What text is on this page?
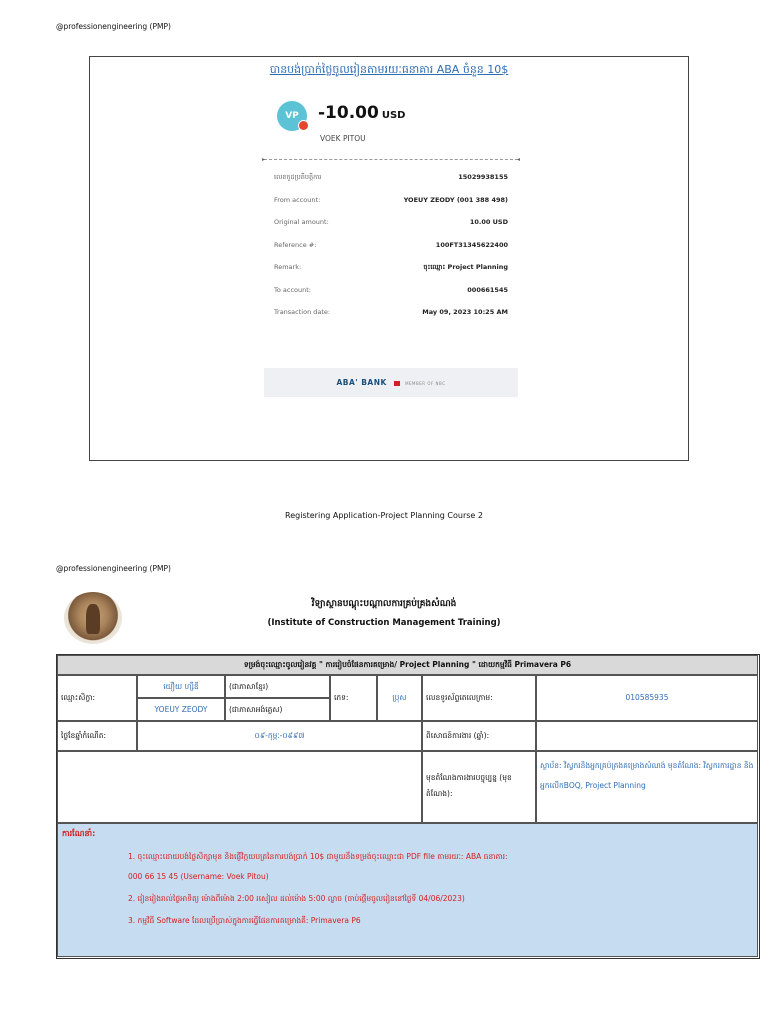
@professionengineering (PMP)
បានបង់ប្រាក់ថ្លៃចូលរៀនតាមរយៈធនាគារ ABA ចំនួន 10$
VP	-10.00 USD
VOEK PITOU
▸	◂
លេខកូដប្រតិបត្តិការ	15029938155
From account:	YOEUY ZEODY (001 388 498)
Original amount:	10.00 USD
Reference #:	100FT31345622400
Remark:	ចុះឈ្មោះ Project Planning
To account:	000661545
Transaction date:	May 09, 2023 10:25 AM
ABA' BANK	MEMBER OF NBC
Registering Application-Project Planning Course 2
@professionengineering (PMP)
វិទ្យាស្ថានបណ្តុះបណ្តាលការគ្រប់គ្រងសំណង់
(Institute of Construction Management Training)
ទម្រង់ចុះឈ្មោះចូលរៀនវគ្គ " ការរៀបចំផែនការគម្រោង/ Project Planning " ដោយកម្មវិធី Primavera P6
ឈ្មោះសិក្ខា:
យឿយ ហ្សឺឌី	(ជាភាសាខ្មែរ)
YOEUY ZEODY	(ជាភាសាអង់គ្លេស)
ភេទ:	ប្រុស	លេខទូរស័ព្ទតេលេក្រាម:	010585935
ថ្ងៃខែឆ្នាំកំណើត:	០៩-កុម្ភៈ-០៩៩៧	ពិសោធន៍ការងារ (ឆ្នាំ):
មុខតំណែងការងារបច្ចុប្បន្ន (មុខតំណែង):
ស្ថាប័ន: វិស្វករនិងអ្នកគ្រប់គ្រងគម្រោងសំណង់ មុខតំណែង: វិស្វករការដ្ឋាន និងអ្នកលើកBOQ, Project Planning
ការណែនាំ:
1. ចុះឈ្មោះដោយបង់ថ្លៃសិក្សាមុន និងផ្ញើវិក្កយបត្រនៃការបង់ប្រាក់ 10$ ជាមួយនឹងទម្រង់ចុះឈ្មោះជា PDF file តាមរយៈ: ABA ធនាគារ:
000 66 15 45 (Username: Voek Pitou)
2. រៀនរៀងរាល់ថ្ងៃអាទិត្យ ម៉ោងពីម៉ោង 2:00 រសៀល ដល់ម៉ោង 5:00 ល្ងាច (ចាប់ផ្តើមចូលរៀននៅថ្ងៃទី 04/06/2023)
3. កម្មវិធី Software ដែលប្រើប្រាស់ក្នុងការធ្វើផែនការគម្រោងគឺ: Primavera P6
